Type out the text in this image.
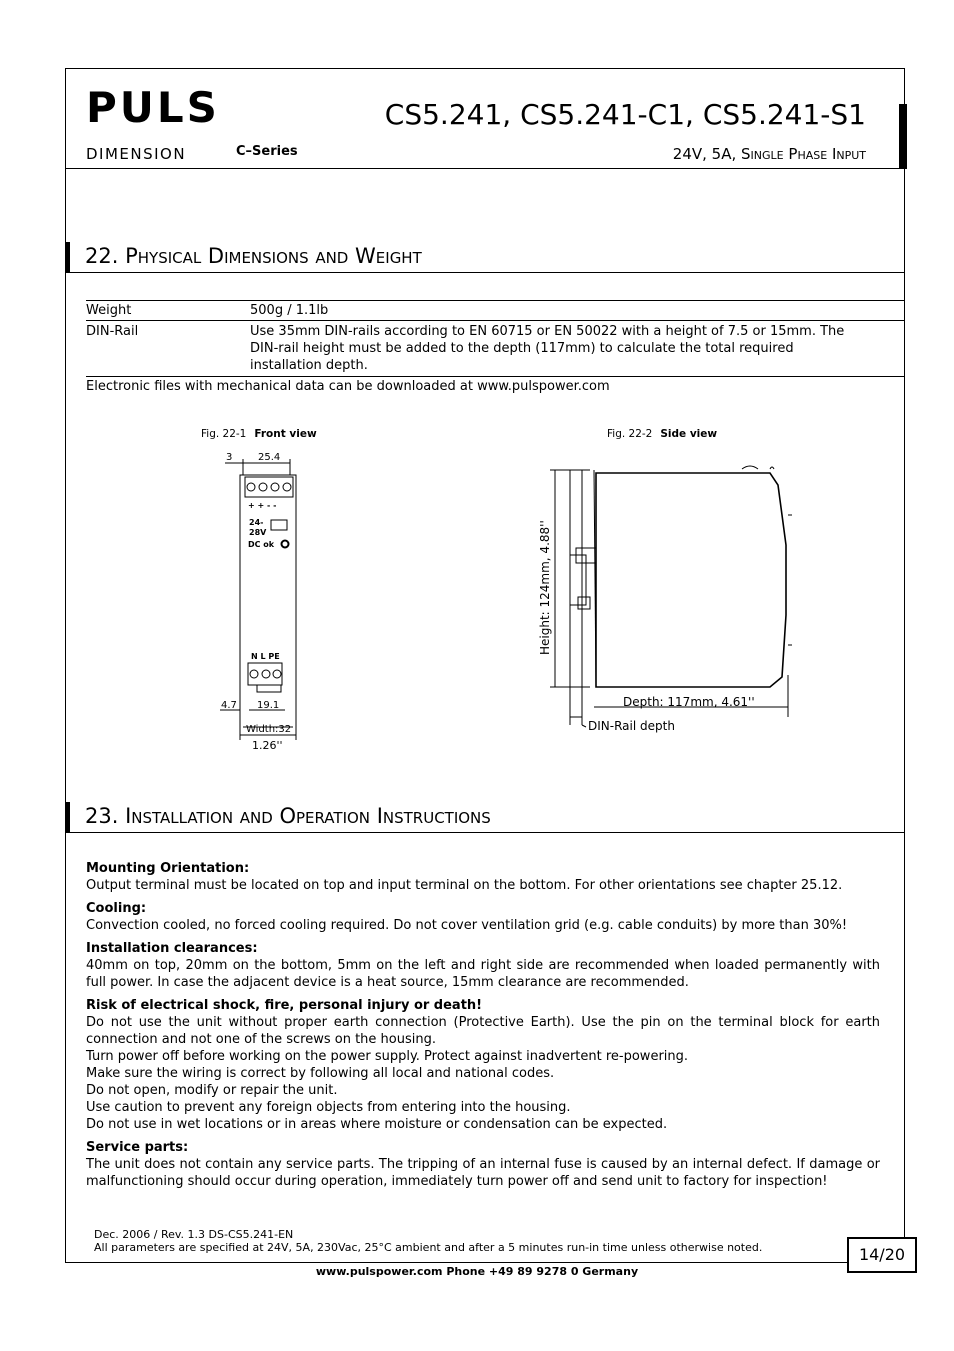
PULS
DIMENSION	C–Series
CS5.241, CS5.241-C1, CS5.241-S1
24V, 5A, Single Phase Input
22. Physical Dimensions and Weight
Weight	500g / 1.1lb
DIN-Rail	Use 35mm DIN-rails according to EN 60715 or EN 50022 with a height of 7.5 or 15mm. The DIN-rail height must be added to the depth (117mm) to calculate the total required installation depth.
Electronic files with mechanical data can be downloaded at www.pulspower.com
Fig. 22-1 Front view	Fig. 22-2 Side view
3	25.4
+ + - -
24-
28V
DC ok
N L PE
4.7 19.1
Width:32
1.26''
Height: 124mm, 4.88''
Depth: 117mm, 4.61''
DIN-Rail depth
23. Installation and Operation Instructions

Mounting Orientation:

Output terminal must be located on top and input terminal on the bottom. For other orientations see chapter 25.12.

Cooling:

Convection cooled, no forced cooling required. Do not cover ventilation grid (e.g. cable conduits) by more than 30%!

Installation clearances:

40mm on top, 20mm on the bottom, 5mm on the left and right side are recommended when loaded permanently with full power. In case the adjacent device is a heat source, 15mm clearance are recommended.

Risk of electrical shock, fire, personal injury or death!

Do not use the unit without proper earth connection (Protective Earth). Use the pin on the terminal block for earth connection and not one of the screws on the housing.

Turn power off before working on the power supply. Protect against inadvertent re-powering.

Make sure the wiring is correct by following all local and national codes.

Do not open, modify or repair the unit.

Use caution to prevent any foreign objects from entering into the housing.

Do not use in wet locations or in areas where moisture or condensation can be expected.

Service parts:

The unit does not contain any service parts. The tripping of an internal fuse is caused by an internal defect. If damage or malfunctioning should occur during operation, immediately turn power off and send unit to factory for inspection!

Dec. 2006 / Rev. 1.3 DS-CS5.241-EN
All parameters are specified at 24V, 5A, 230Vac, 25°C ambient and after a 5 minutes run-in time unless otherwise noted.	14/20
www.pulspower.com Phone +49 89 9278 0 Germany
